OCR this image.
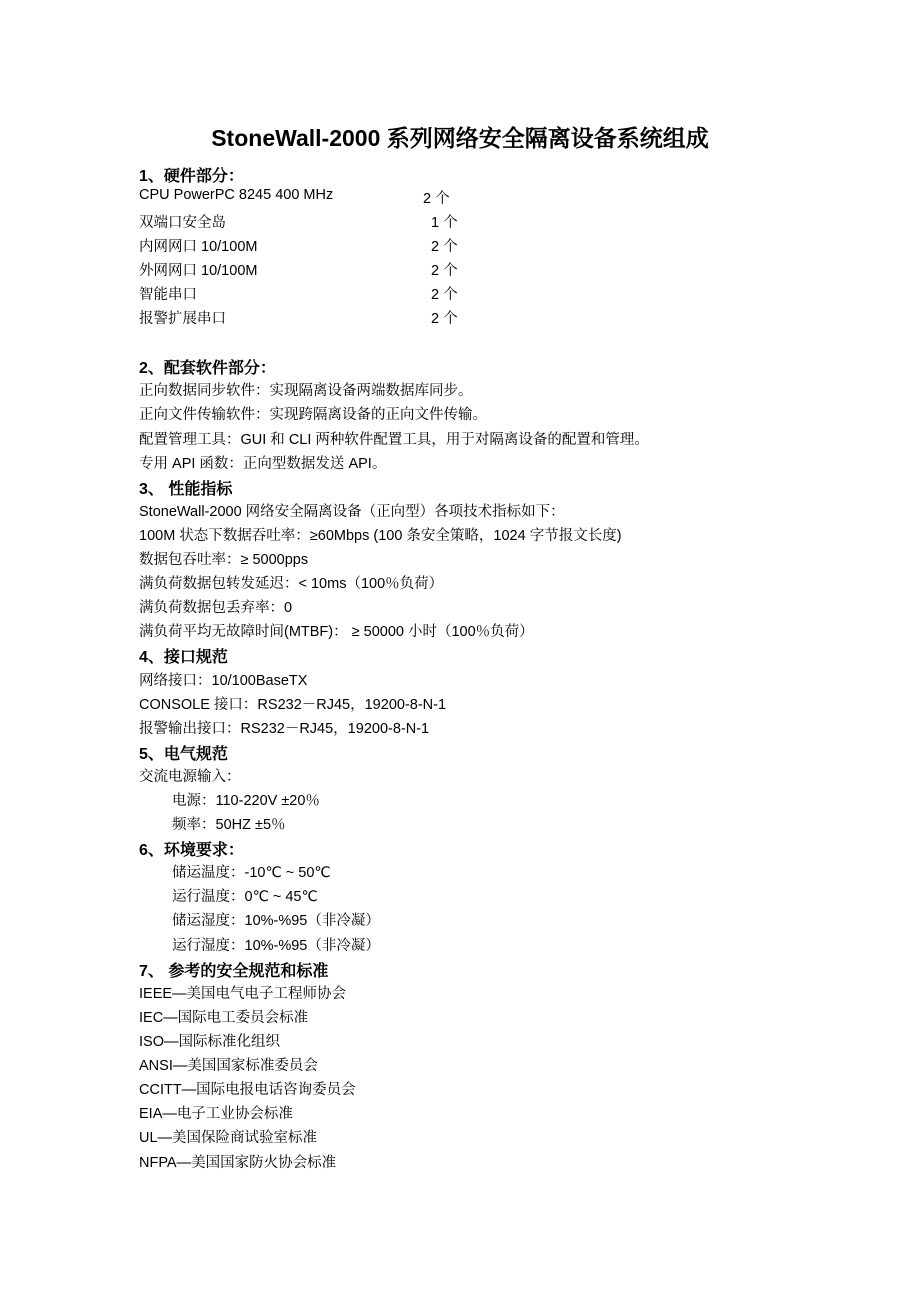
StoneWall-2000 系列网络安全隔离设备系统组成
1、硬件部分：
CPU PowerPC 8245 400 MHz	2 个
双端口安全岛	1 个
内网网口 10/100M	2 个
外网网口 10/100M	2 个
智能串口	2 个
报警扩展串口	2 个
2、配套软件部分：
正向数据同步软件：实现隔离设备两端数据库同步。
正向文件传输软件：实现跨隔离设备的正向文件传输。
配置管理工具：GUI 和 CLI 两种软件配置工具，用于对隔离设备的配置和管理。
专用 API 函数：正向型数据发送 API。
3、 性能指标
StoneWall-2000 网络安全隔离设备（正向型）各项技术指标如下：
100M 状态下数据吞吐率：≥60Mbps (100 条安全策略，1024 字节报文长度)
数据包吞吐率：≥ 5000pps
满负荷数据包转发延迟：< 10ms（100％负荷）
满负荷数据包丢弃率：0
满负荷平均无故障时间(MTBF)： ≥ 50000 小时（100％负荷）
4、接口规范
网络接口：10/100BaseTX
CONSOLE 接口：RS232－RJ45，19200-8-N-1
报警输出接口：RS232－RJ45，19200-8-N-1
5、电气规范
交流电源输入：
电源：110-220V ±20％
频率：50HZ ±5％
6、环境要求：
储运温度：-10℃ ~ 50℃
运行温度：0℃ ~ 45℃
储运湿度：10%-%95（非冷凝）
运行湿度：10%-%95（非冷凝）
7、 参考的安全规范和标准
IEEE—美国电气电子工程师协会
IEC—国际电工委员会标准
ISO—国际标准化组织
ANSI—美国国家标准委员会
CCITT—国际电报电话咨询委员会
EIA—电子工业协会标准
UL—美国保险商试验室标准
NFPA—美国国家防火协会标准
